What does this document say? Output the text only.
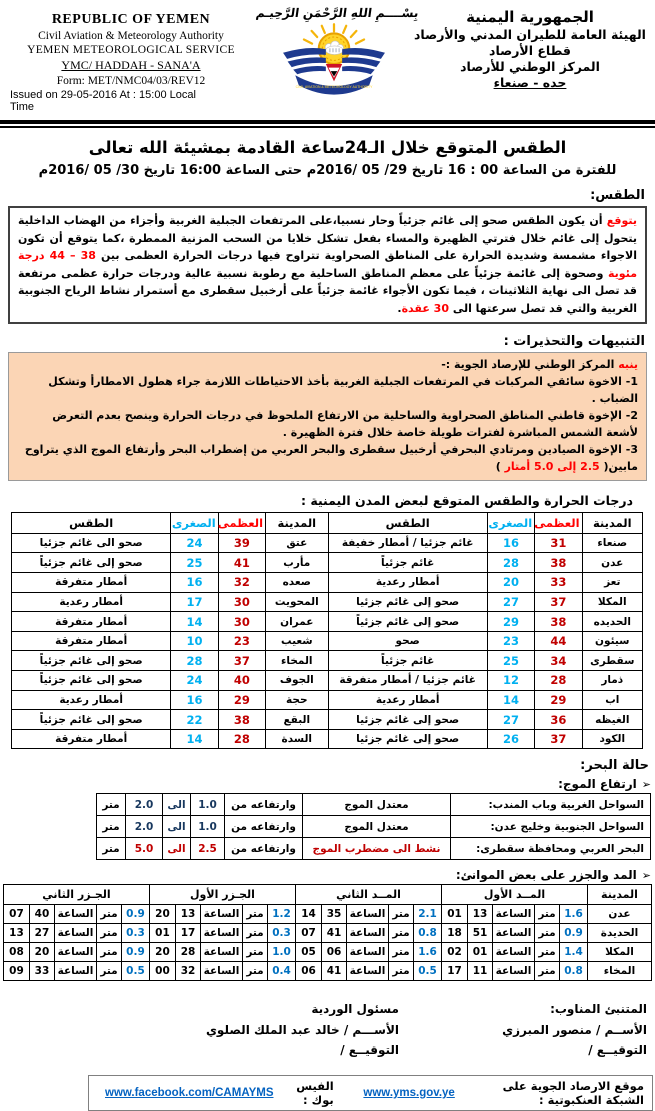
REPUBLIC OF YEMEN
Civil Aviation & Meteorology Authority
YEMEN METEOROLOGICAL SERVICE
YMC/ HADDAH - SANA'A
Form: MET/NMC04/03/REV12
Issued on 29-05-2016 At : 15:00 Local
Time
بِسْــــمِ اللهِ الرَّحْمَنِ الرَّحِيـم
CIVIL AVIATION & METEOROLOGY AUTHORITY
الجمهورية اليمنية
الهيئة العامة للطيران المدني والأرصاد
قطاع الأرصاد
المركز الوطني للأرصاد
حده - صنعاء
الطقس المتوقع خلال الـ24ساعة القادمة بمشيئة الله تعالى
للفترة من الساعة 00 : 16 تاريخ 29/ 05 /2016م حتى الساعة 16:00 تاريخ 30/ 05 /2016م
الطقس:
يتوقع أن يكون الطقس صحو إلى غائم جزئياً وحار نسبيا،على المرتفعات الجبلية الغربية وأجزاء من الهضاب الداخلية يتحول إلى غائم خلال فترتي الظهيرة والمساء بفعل تشكل خلايا من السحب المزنية الممطرة ،كما يتوقع أن تكون الاجواء مشمسة وشديدة الحرارة على المناطق الصحراوية تتراوح فيها درجات الحرارة العظمى بين 38 – 44 درجة مئوية وصحوة إلى غائمة جزئياً على معظم المناطق الساحلية مع رطوبة نسبية عالية ودرجات حرارة عظمى مرتفعة قد تصل الى نهاية الثلاثينات ، فيما تكون الأجواء غائمة جزئياً على أرخبيل سقطرى مع أستمرار نشاط الرياح الجنوبية الغربية والتي قد تصل سرعتها الى 30 عقدة.
التنبيهات والتحذيرات :
ينبه المركز الوطني للإرصاد الجوية :-
1- الاخوة سائقي المركبات في المرتفعات الجبلية الغربية بأخذ الاحتياطات اللازمة جراء هطول الامطارأ وتشكل الضباب .
2- الإخوة قاطني المناطق الصحراوية والساحلية من الارتفاع الملحوظ في درجات الحرارة وينصح بعدم التعرض لأشعة الشمس المباشرة لفترات طويلة خاصة خلال فترة الظهيرة .
3- الإخوة الصيادين ومرتادي البحرفي أرخبيل سقطرى والبحر العربي من إضطراب البحر وأرتفاع الموج الذي يتراوح مابين( 2.5 إلى 5.0 أمتار )
درجات الحرارة والطقس المتوقع لبعض المدن اليمنية :
المدينة	العظمى	الصغرى	الطقس	المدينة	العظمى	الصغرى	الطقس
صنعاء	31	16	غائم جزئيا / أمطار خفيفة	عتق	39	24	صحو الى غائم جزئيا
عدن	38	28	غائم جزئياً	مأرب	41	25	صحو إلى غائم جزئياً
تعز	33	20	أمطار رعدية	صعده	32	16	أمطار متفرقة
المكلا	37	27	صحو إلى غائم جزئيا	المحويت	30	17	أمطار رعدية
الحديده	38	29	صحو إلى غائم جزئياً	عمران	30	14	أمطار متفرقة
سيئون	44	23	صحو	شعيب	23	10	أمطار متفرقة
سقطرى	34	25	غائم جزئياً	المخاء	37	28	صحو إلى غائم جزئياً
ذمار	28	12	غائم جزئيا / أمطار متفرقة	الجوف	40	24	صحو إلى غائم جزئياً
اب	29	14	أمطار رعدية	حجة	29	16	أمطار رعدية
الغيظه	36	27	صحو إلى غائم جزئيا	البقع	38	22	صحو إلى غائم جزئياً
الكود	37	26	صحو إلى غائم جزئيا	السدة	28	14	أمطار متفرقة
حالة البحر:
➢
ارتفاع الموج:
السواحل الغربية وباب المندب:	معتدل الموج	وارتفاعه من	1.0	الى	2.0	متر
السواحل الجنوبية وخليج عدن:	معتدل الموج	وارتفاعه من	1.0	الى	2.0	متر
البحر العربي ومحافظة سقطرى:	نشط الى مضطرب الموج	وارتفاعه من	2.5	الى	5.0	متر
➢
المد والجزر على بعض الموانئ:
المدينة	المــد الأول					المــد الثاني					الجـزر الأول					الجـزر الثاني				
عدن	1.6	متر	الساعة	13	01	2.1	متر	الساعة	35	14	1.2	متر	الساعة	13	20	0.9	متر	الساعة	40	07
الحديدة	0.9	متر	الساعة	51	18	0.8	متر	الساعة	41	07	0.3	متر	الساعة	17	01	0.3	متر	الساعة	27	13
المكلا	1.4	متر	الساعة	01	02	1.6	متر	الساعة	06	05	1.0	متر	الساعة	28	20	0.9	متر	الساعة	20	08
المخاء	0.8	متر	الساعة	11	17	0.5	متر	الساعة	41	06	0.4	متر	الساعة	32	00	0.5	متر	الساعة	33	09
المتنبئ المناوب:
الأســم / منصور المبرزي
التوقيــع /
مسئول الوردية
الأســـم / خالد عبد الملك الصلوي
التوقيــع /
موقع الارصاد الجوية على الشبكة العنكبوتية :
www.yms.gov.ye
الفيس بوك :
www.facebook.com/CAMAYMS
